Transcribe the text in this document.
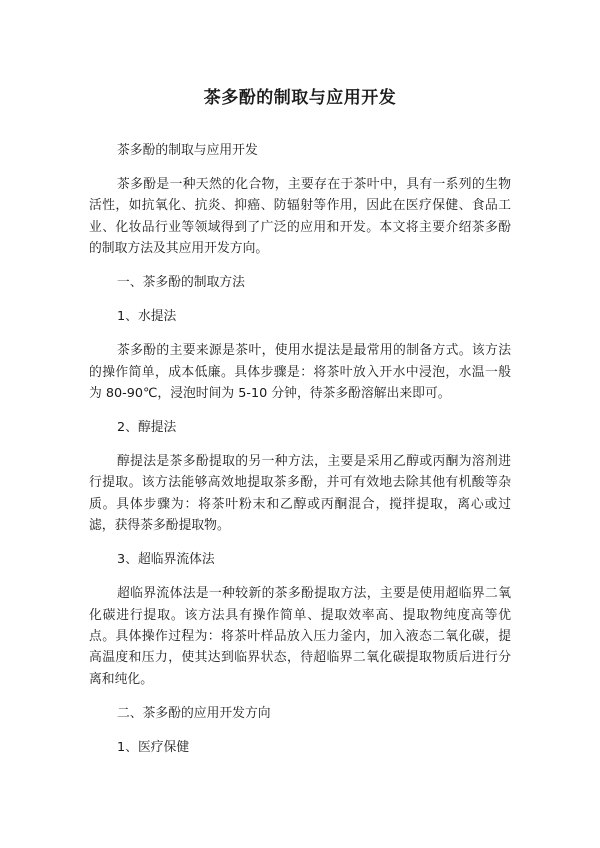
茶多酚的制取与应用开发

茶多酚的制取与应用开发

茶多酚是一种天然的化合物，主要存在于茶叶中，具有一系列的生物活性，如抗氧化、抗炎、抑癌、防辐射等作用，因此在医疗保健、食品工业、化妆品行业等领域得到了广泛的应用和开发。本文将主要介绍茶多酚的制取方法及其应用开发方向。

一、茶多酚的制取方法

1、水提法

茶多酚的主要来源是茶叶，使用水提法是最常用的制备方式。该方法的操作简单，成本低廉。具体步骤是：将茶叶放入开水中浸泡，水温一般为 80-90℃，浸泡时间为 5-10 分钟，待茶多酚溶解出来即可。

2、醇提法

醇提法是茶多酚提取的另一种方法，主要是采用乙醇或丙酮为溶剂进行提取。该方法能够高效地提取茶多酚，并可有效地去除其他有机酸等杂质。具体步骤为：将茶叶粉末和乙醇或丙酮混合，搅拌提取，离心或过滤，获得茶多酚提取物。

3、超临界流体法

超临界流体法是一种较新的茶多酚提取方法，主要是使用超临界二氧化碳进行提取。该方法具有操作简单、提取效率高、提取物纯度高等优点。具体操作过程为：将茶叶样品放入压力釜内，加入液态二氧化碳，提高温度和压力，使其达到临界状态，待超临界二氧化碳提取物质后进行分离和纯化。

二、茶多酚的应用开发方向

1、医疗保健
